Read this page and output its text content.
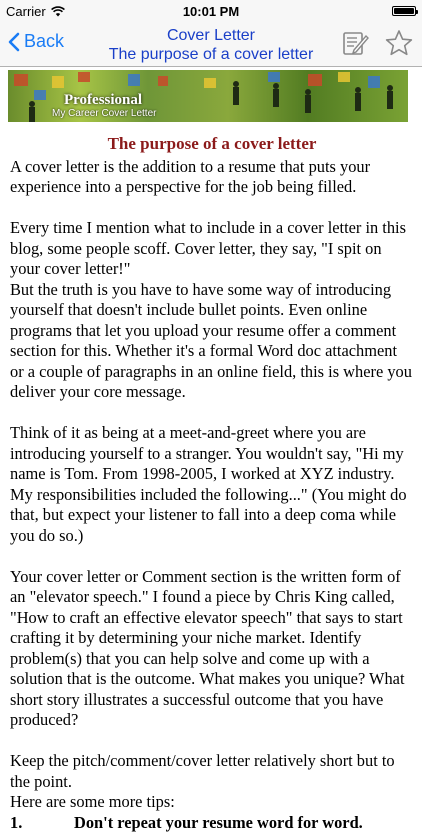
Carrier	10:01 PM
Back	Cover Letter
The purpose of a cover letter
Professional
My Career Cover Letter
The purpose of a cover letter

A cover letter is the addition to a resume that puts your experience into a perspective for the job being filled.

Every time I mention what to include in a cover letter in this blog, some people scoff. Cover letter, they say, "I spit on your cover letter!"

But the truth is you have to have some way of introducing yourself that doesn't include bullet points. Even online programs that let you upload your resume offer a comment section for this. Whether it's a formal Word doc attachment or a couple of paragraphs in an online field, this is where you deliver your core message.

Think of it as being at a meet-and-greet where you are introducing yourself to a stranger. You wouldn't say, "Hi my name is Tom. From 1998-2005, I worked at XYZ industry. My responsibilities included the following..." (You might do that, but expect your listener to fall into a deep coma while you do so.)

Your cover letter or Comment section is the written form of an "elevator speech." I found a piece by Chris King called, "How to craft an effective elevator speech" that says to start crafting it by determining your niche market. Identify problem(s) that you can help solve and come up with a solution that is the outcome. What makes you unique? What short story illustrates a successful outcome that you have produced?

Keep the pitch/comment/cover letter relatively short but to the point.

Here are some more tips:

1.	Don't repeat your resume word for word.
